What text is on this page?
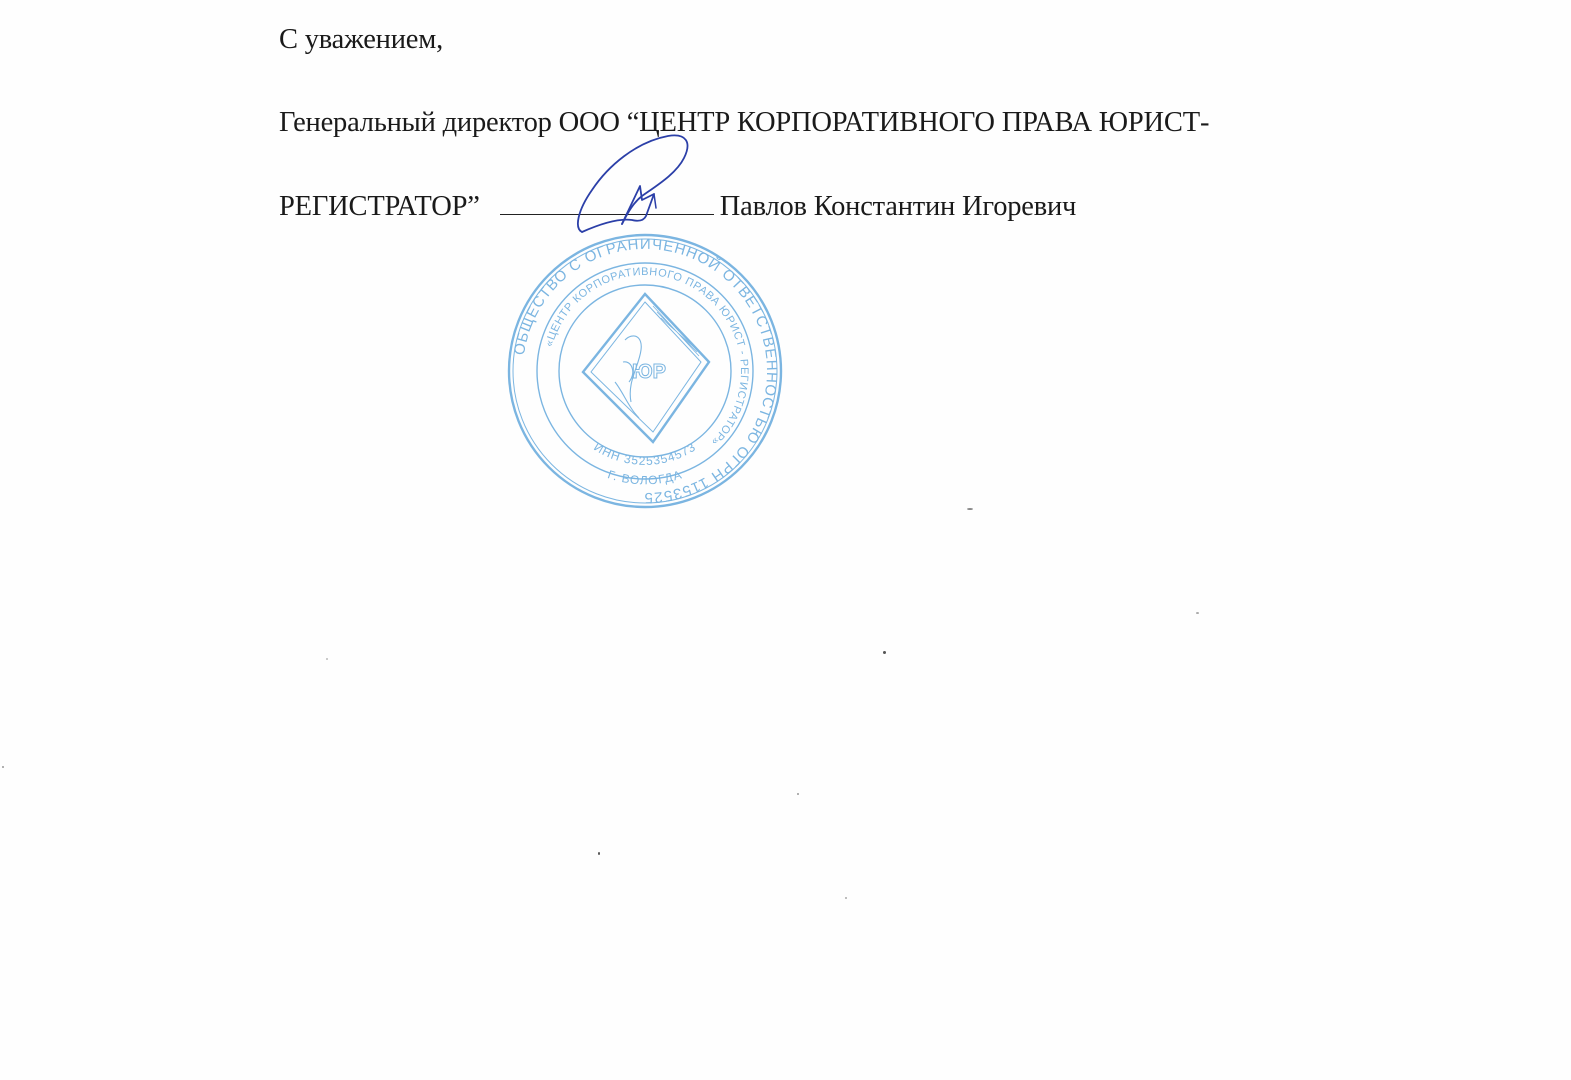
С уважением,
Генеральный директор ООО “ЦЕНТР КОРПОРАТИВНОГО ПРАВА ЮРИСТ-
РЕГИСТРАТОР”	Павлов Константин Игоревич
ОБЩЕСТВО С ОГРАНИЧЕННОЙ ОТВЕТСТВЕННОСТЬЮ ОГРН 1153525
«ЦЕНТР КОРПОРАТИВНОГО ПРАВА ЮРИСТ - РЕГИСТРАТОР»
ИНН 3525354573
Г. ВОЛОГДА
ЮР
